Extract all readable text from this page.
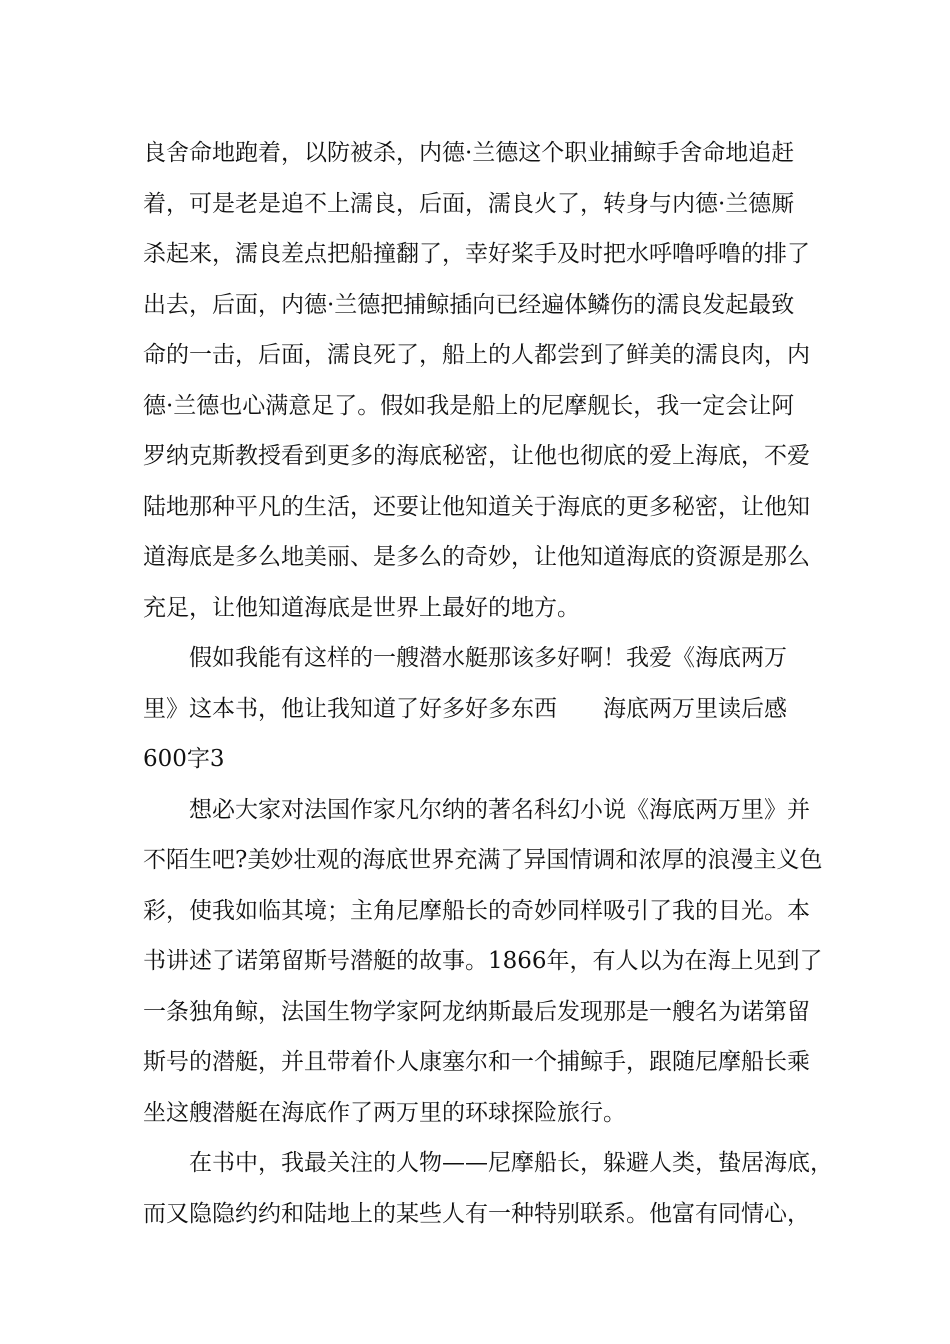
良舍命地跑着，以防被杀，内德·兰德这个职业捕鲸手舍命地追赶
着，可是老是追不上濡良，后面，濡良火了，转身与内德·兰德厮
杀起来，濡良差点把船撞翻了，幸好桨手及时把水呼噜呼噜的排了
出去，后面，内德·兰德把捕鲸插向已经遍体鳞伤的濡良发起最致
命的一击，后面，濡良死了，船上的人都尝到了鲜美的濡良肉，内
德·兰德也心满意足了。假如我是船上的尼摩舰长，我一定会让阿
罗纳克斯教授看到更多的海底秘密，让他也彻底的爱上海底，不爱
陆地那种平凡的生活，还要让他知道关于海底的更多秘密，让他知
道海底是多么地美丽、是多么的奇妙，让他知道海底的资源是那么
充足，让他知道海底是世界上最好的地方。
假如我能有这样的一艘潜水艇那该多好啊！我爱《海底两万
里》这本书，他让我知道了好多好多东西　　海底两万里读后感
600字3
想必大家对法国作家凡尔纳的著名科幻小说《海底两万里》并
不陌生吧?美妙壮观的海底世界充满了异国情调和浓厚的浪漫主义色
彩，使我如临其境；主角尼摩船长的奇妙同样吸引了我的目光。本
书讲述了诺第留斯号潜艇的故事。1866年，有人以为在海上见到了
一条独角鲸，法国生物学家阿龙纳斯最后发现那是一艘名为诺第留
斯号的潜艇，并且带着仆人康塞尔和一个捕鲸手，跟随尼摩船长乘
坐这艘潜艇在海底作了两万里的环球探险旅行。
在书中，我最关注的人物——尼摩船长，躲避人类，蛰居海底，
而又隐隐约约和陆地上的某些人有一种特别联系。他富有同情心，
